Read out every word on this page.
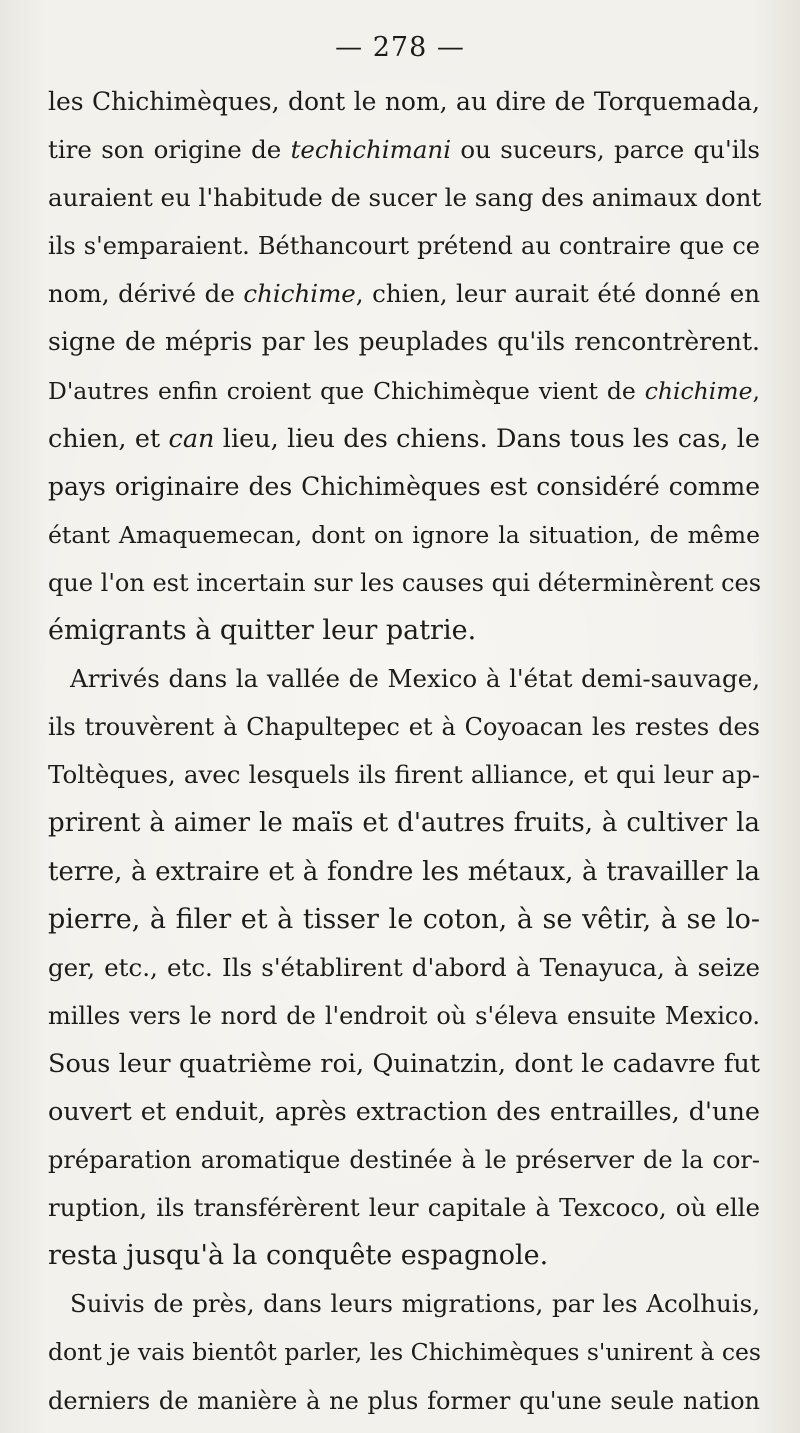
— 278 —
les Chichimèques, dont le nom, au dire de Torquemada,
tire son origine de techichimani ou suceurs, parce qu'ils
auraient eu l'habitude de sucer le sang des animaux dont
ils s'emparaient. Béthancourt prétend au contraire que ce
nom, dérivé de chichime, chien, leur aurait été donné en
signe de mépris par les peuplades qu'ils rencontrèrent.
D'autres enfin croient que Chichimèque vient de chichime,
chien, et can lieu, lieu des chiens. Dans tous les cas, le
pays originaire des Chichimèques est considéré comme
étant Amaquemecan, dont on ignore la situation, de même
que l'on est incertain sur les causes qui déterminèrent ces
émigrants à quitter leur patrie.
Arrivés dans la vallée de Mexico à l'état demi-sauvage,
ils trouvèrent à Chapultepec et à Coyoacan les restes des
Toltèques, avec lesquels ils firent alliance, et qui leur ap-
prirent à aimer le maïs et d'autres fruits, à cultiver la
terre, à extraire et à fondre les métaux, à travailler la
pierre, à filer et à tisser le coton, à se vêtir, à se lo-
ger, etc., etc. Ils s'établirent d'abord à Tenayuca, à seize
milles vers le nord de l'endroit où s'éleva ensuite Mexico.
Sous leur quatrième roi, Quinatzin, dont le cadavre fut
ouvert et enduit, après extraction des entrailles, d'une
préparation aromatique destinée à le préserver de la cor-
ruption, ils transférèrent leur capitale à Texcoco, où elle
resta jusqu'à la conquête espagnole.
Suivis de près, dans leurs migrations, par les Acolhuis,
dont je vais bientôt parler, les Chichimèques s'unirent à ces
derniers de manière à ne plus former qu'une seule nation
